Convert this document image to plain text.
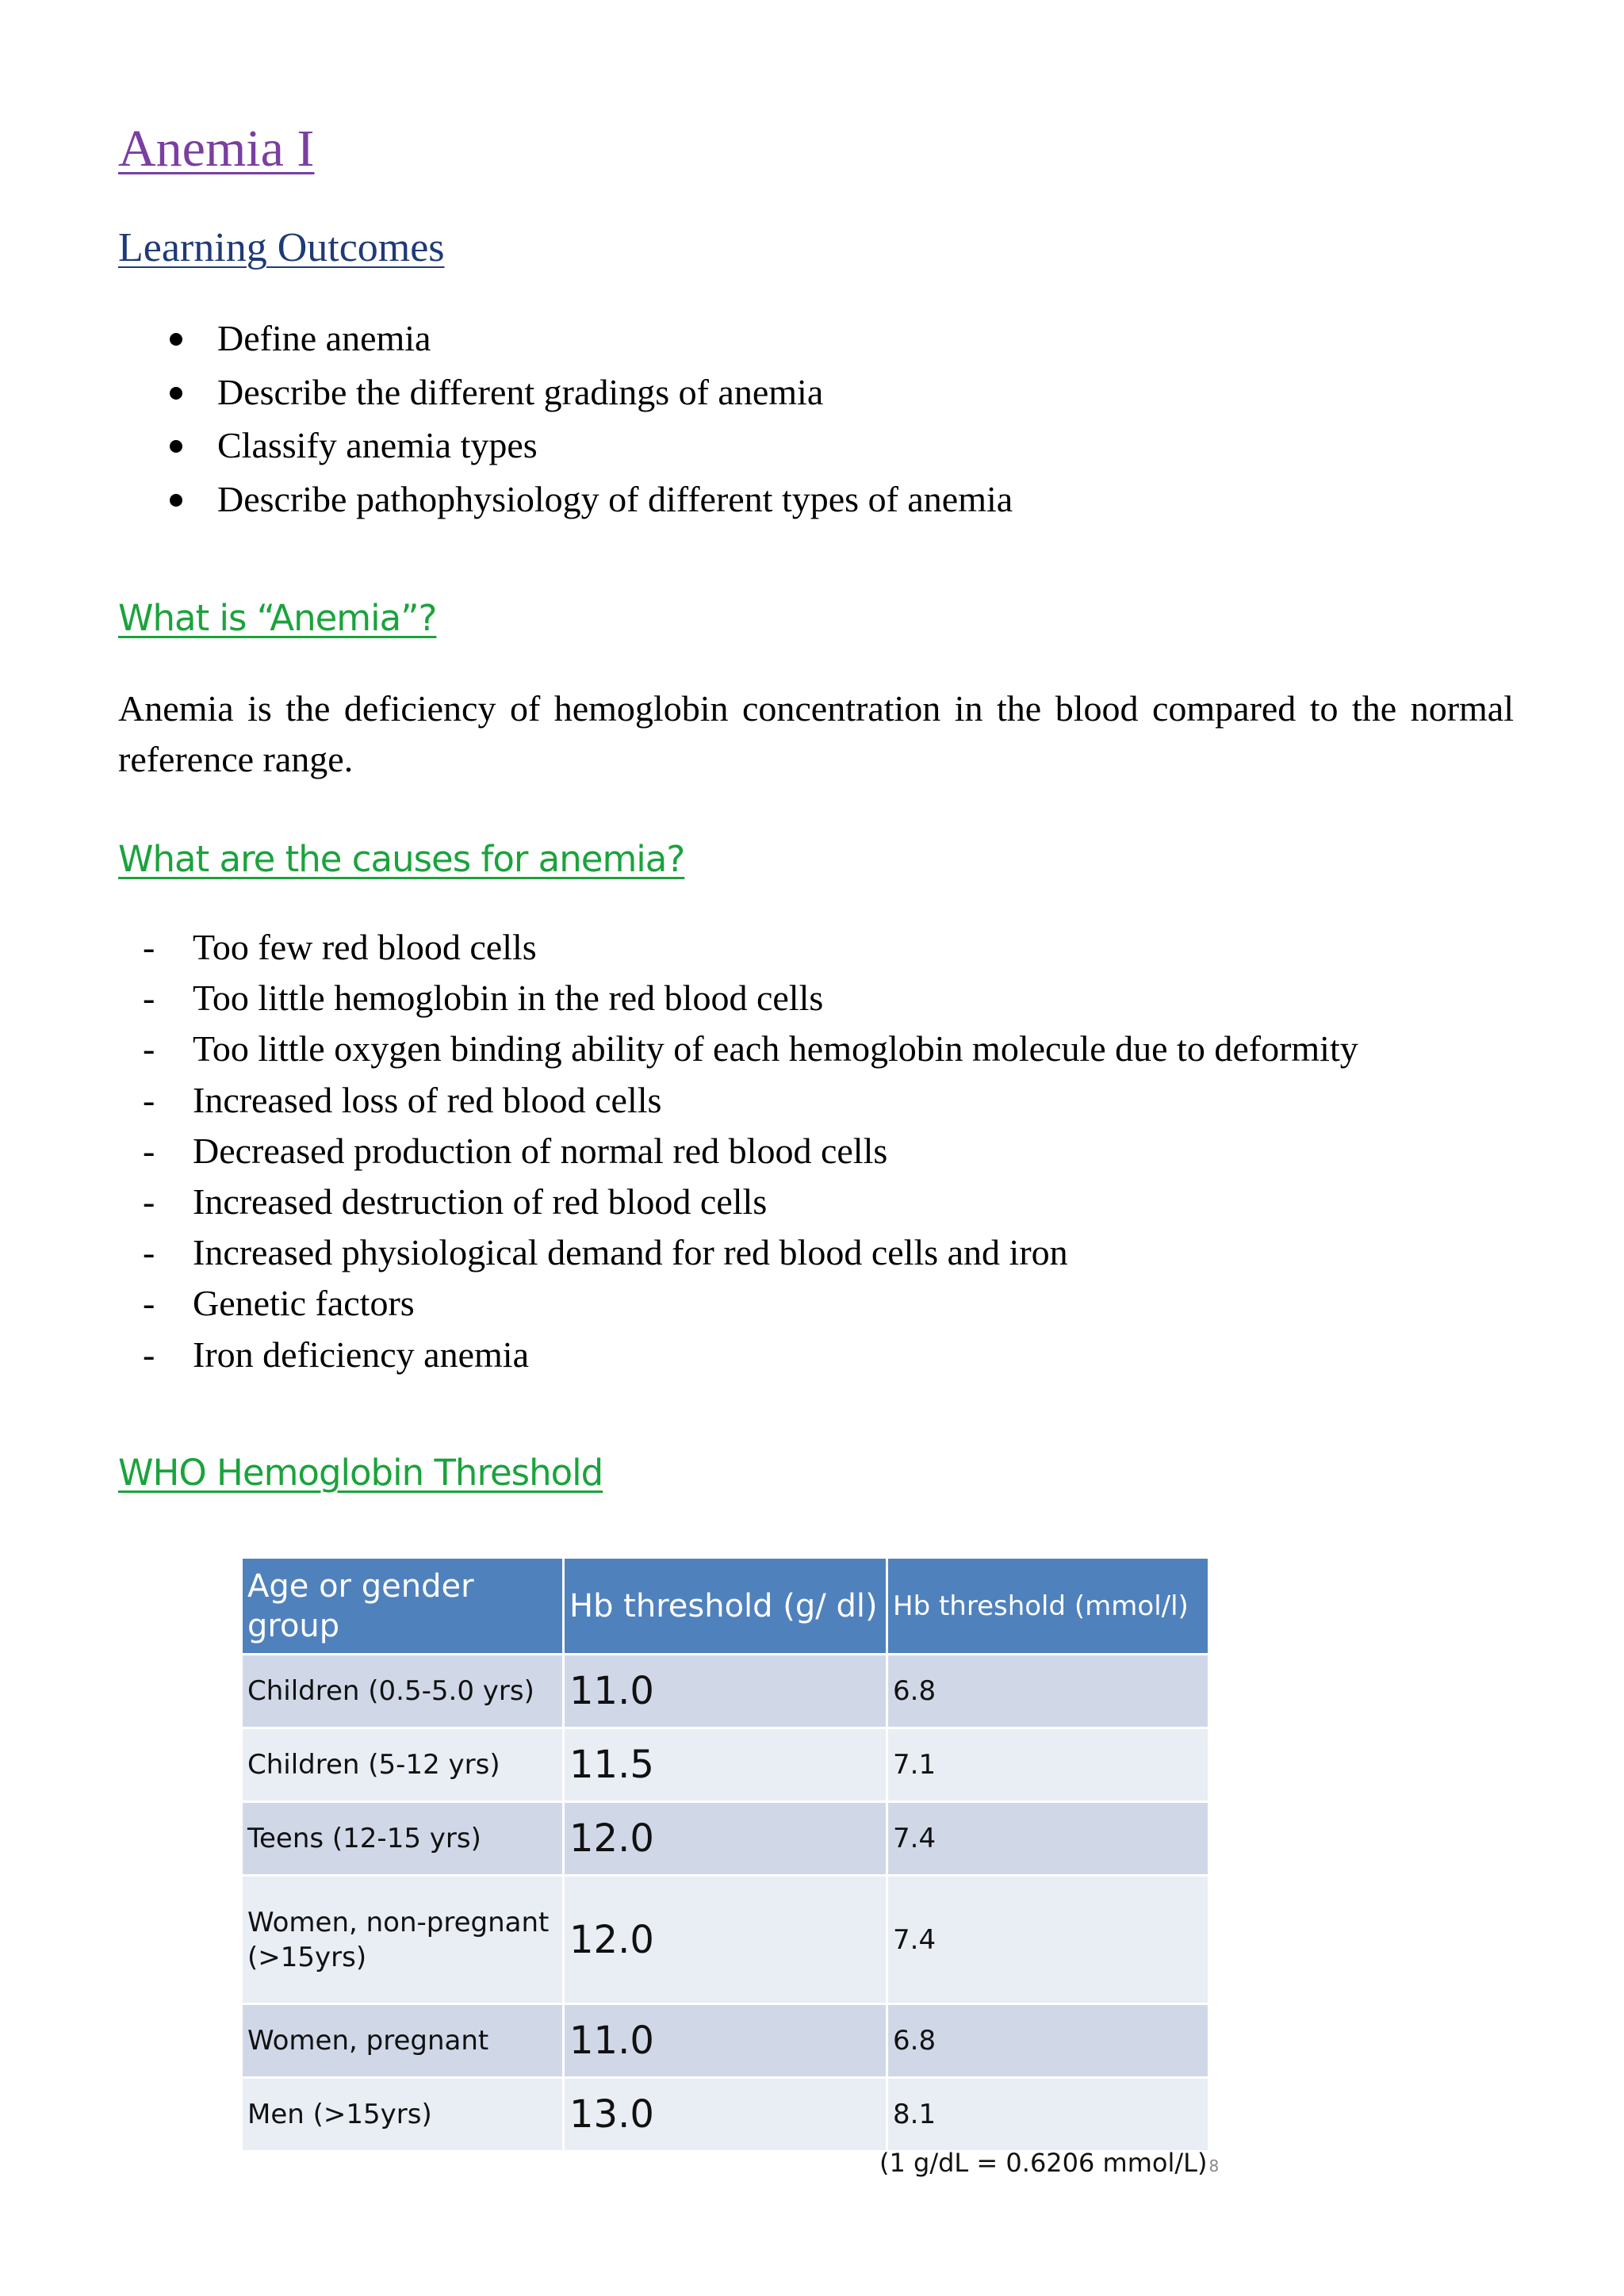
Anemia I
Learning Outcomes
Define anemia
Describe the different gradings of anemia
Classify anemia types
Describe pathophysiology of different types of anemia
What is “Anemia”?

Anemia is the deficiency of hemoglobin concentration in the blood compared to the normal reference range.

What are the causes for anemia?
- Too few red blood cells
- Too little hemoglobin in the red blood cells
- Too little oxygen binding ability of each hemoglobin molecule due to deformity
- Increased loss of red blood cells
- Decreased production of normal red blood cells
- Increased destruction of red blood cells
- Increased physiological demand for red blood cells and iron
- Genetic factors
- Iron deficiency anemia
WHO Hemoglobin Threshold
Age or gender group	Hb threshold (g/ dl)	Hb threshold (mmol/l)
Children (0.5-5.0 yrs)	11.0	6.8
Children (5-12 yrs)	11.5	7.1
Teens (12-15 yrs)	12.0	7.4
Women, non-pregnant (>15yrs)	12.0	7.4
Women, pregnant	11.0	6.8
Men (>15yrs)	13.0	8.1
(1 g/dL = 0.6206 mmol/L) 8
